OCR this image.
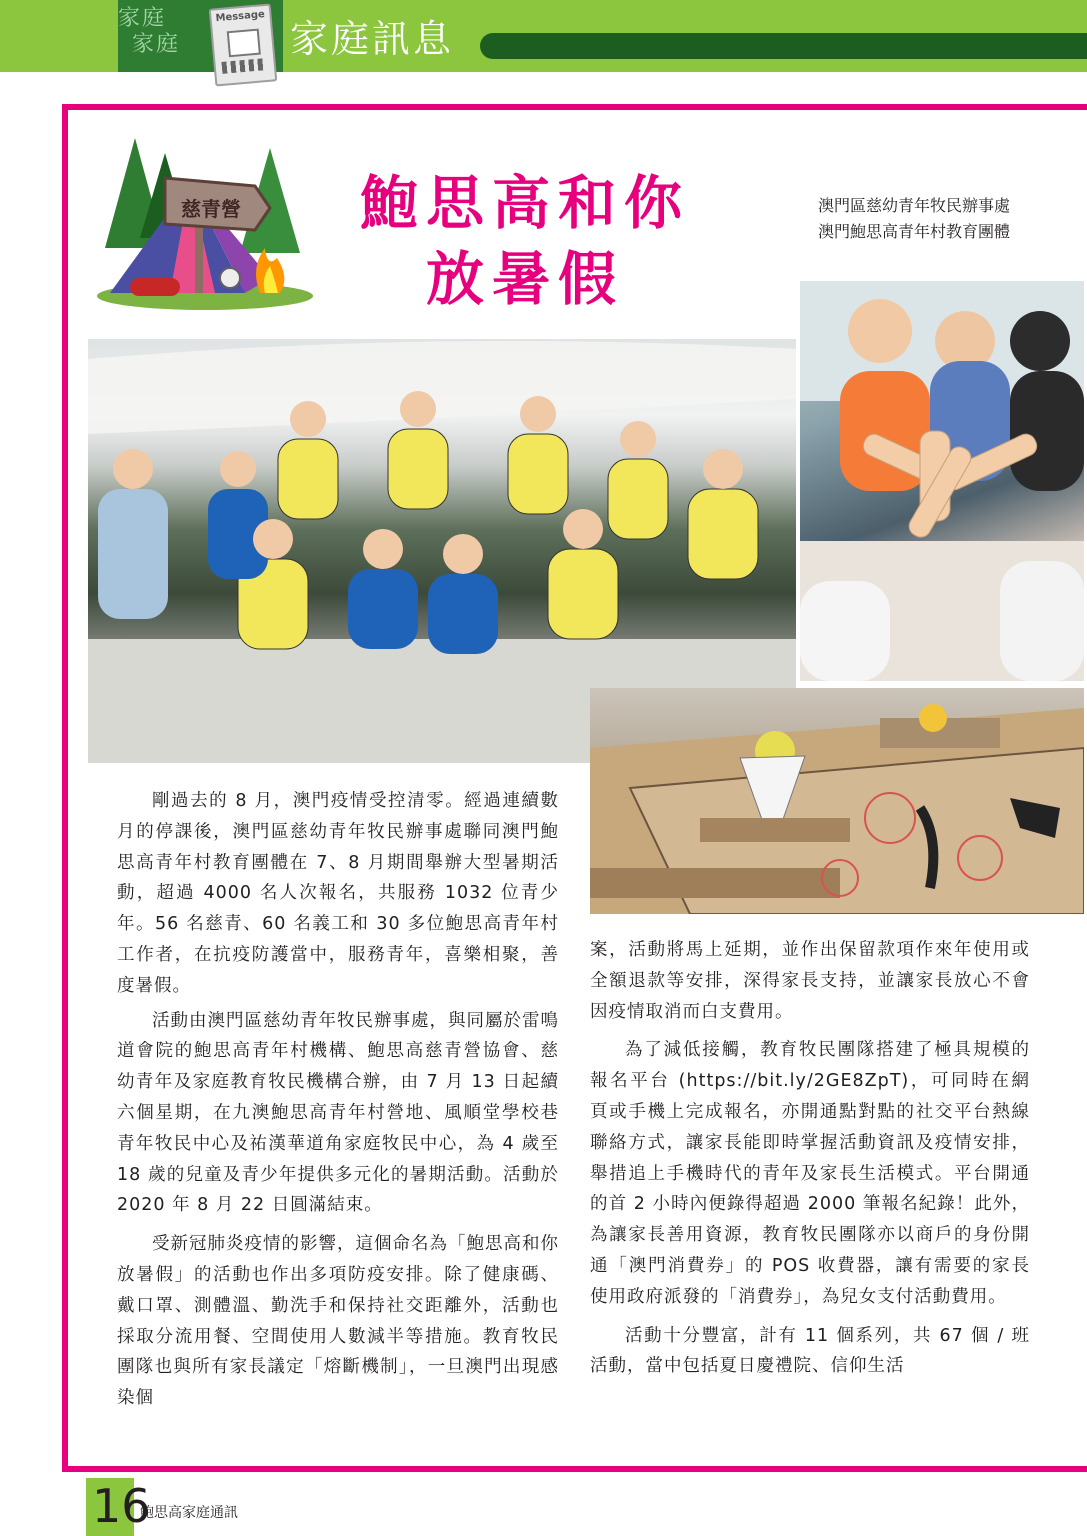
家庭
家庭
Message
家庭訊息
慈青營	鮑思高和你
放暑假
澳門區慈幼青年牧民辦事處
澳門鮑思高青年村教育團體

剛過去的 8 月，澳門疫情受控清零。經過連續數月的停課後，澳門區慈幼青年牧民辦事處聯同澳門鮑思高青年村教育團體在 7、8 月期間舉辦大型暑期活動，超過 4000 名人次報名，共服務 1032 位青少年。56 名慈青、60 名義工和 30 多位鮑思高青年村工作者，在抗疫防護當中，服務青年，喜樂相聚，善度暑假。

活動由澳門區慈幼青年牧民辦事處，與同屬於雷鳴道會院的鮑思高青年村機構、鮑思高慈青營協會、慈幼青年及家庭教育牧民機構合辦，由 7 月 13 日起續六個星期，在九澳鮑思高青年村營地、風順堂學校巷青年牧民中心及祐漢華道角家庭牧民中心，為 4 歲至 18 歲的兒童及青少年提供多元化的暑期活動。活動於 2020 年 8 月 22 日圓滿結束。

受新冠肺炎疫情的影響，這個命名為「鮑思高和你放暑假」的活動也作出多項防疫安排。除了健康碼、戴口罩、測體溫、勤洗手和保持社交距離外，活動也採取分流用餐、空間使用人數減半等措施。教育牧民團隊也與所有家長議定「熔斷機制」，一旦澳門出現感染個

案，活動將馬上延期，並作出保留款項作來年使用或全額退款等安排，深得家長支持，並讓家長放心不會因疫情取消而白支費用。

為了減低接觸，教育牧民團隊搭建了極具規模的報名平台 (https://bit.ly/2GE8ZpT)，可同時在網頁或手機上完成報名，亦開通點對點的社交平台熱線聯絡方式，讓家長能即時掌握活動資訊及疫情安排，舉措追上手機時代的青年及家長生活模式。平台開通的首 2 小時內便錄得超過 2000 筆報名紀錄！此外，為讓家長善用資源，教育牧民團隊亦以商戶的身份開通「澳門消費券」的 POS 收費器，讓有需要的家長使用政府派發的「消費券」，為兒女支付活動費用。

活動十分豐富，計有 11 個系列，共 67 個 / 班活動，當中包括夏日慶禮院、信仰生活

16
鮑思高家庭通訊
